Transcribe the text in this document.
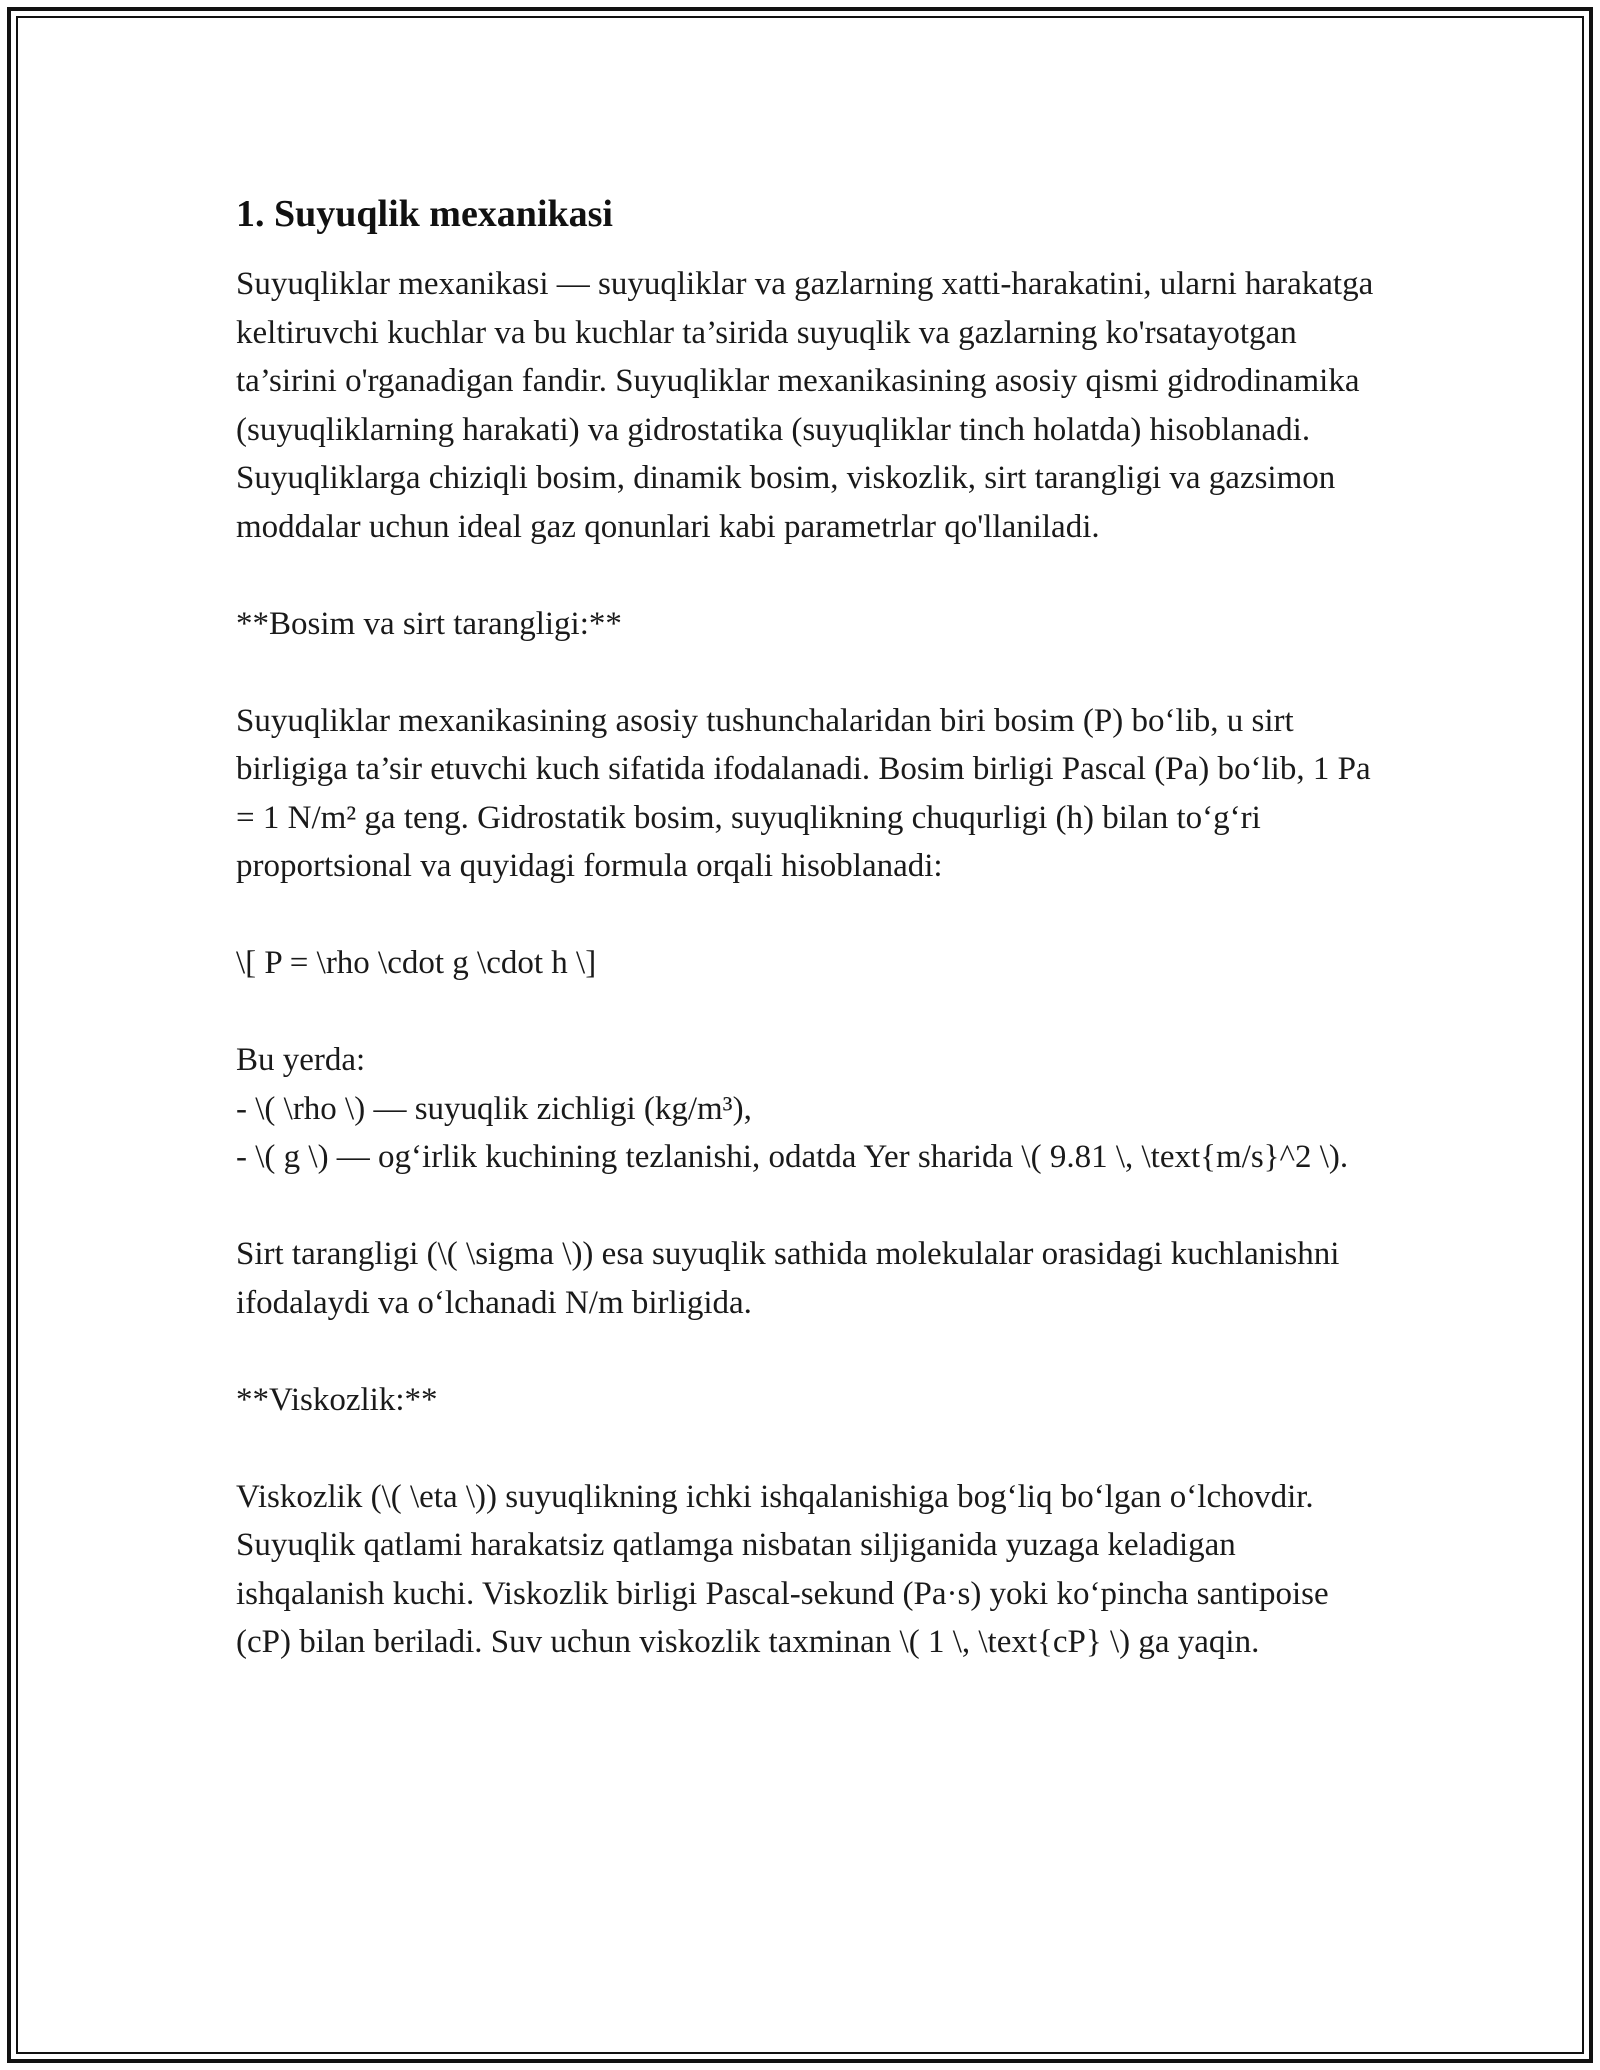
1. Suyuqlik mexanikasi

Suyuqliklar mexanikasi — suyuqliklar va gazlarning xatti-harakatini, ularni harakatga keltiruvchi kuchlar va bu kuchlar ta’sirida suyuqlik va gazlarning ko'rsatayotgan ta’sirini o'rganadigan fandir. Suyuqliklar mexanikasining asosiy qismi gidrodinamika (suyuqliklarning harakati) va gidrostatika (suyuqliklar tinch holatda) hisoblanadi. Suyuqliklarga chiziqli bosim, dinamik bosim, viskozlik, sirt tarangligi va gazsimon moddalar uchun ideal gaz qonunlari kabi parametrlar qo'llaniladi.

**Bosim va sirt tarangligi:**

Suyuqliklar mexanikasining asosiy tushunchalaridan biri bosim (P) bo‘lib, u sirt birligiga ta’sir etuvchi kuch sifatida ifodalanadi. Bosim birligi Pascal (Pa) bo‘lib, 1 Pa = 1 N/m² ga teng. Gidrostatik bosim, suyuqlikning chuqurligi (h) bilan to‘g‘ri proportsional va quyidagi formula orqali hisoblanadi:

\[ P = \rho \cdot g \cdot h \]

Bu yerda:
- \( \rho \) — suyuqlik zichligi (kg/m³),
- \( g \) — og‘irlik kuchining tezlanishi, odatda Yer sharida \( 9.81 \, \text{m/s}^2 \).

Sirt tarangligi (\( \sigma \)) esa suyuqlik sathida molekulalar orasidagi kuchlanishni ifodalaydi va o‘lchanadi N/m birligida.

**Viskozlik:**

Viskozlik (\( \eta \)) suyuqlikning ichki ishqalanishiga bog‘liq bo‘lgan o‘lchovdir. Suyuqlik qatlami harakatsiz qatlamga nisbatan siljiganida yuzaga keladigan ishqalanish kuchi. Viskozlik birligi Pascal-sekund (Pa·s) yoki ko‘pincha santipoise (cP) bilan beriladi. Suv uchun viskozlik taxminan \( 1 \, \text{cP} \) ga yaqin.
